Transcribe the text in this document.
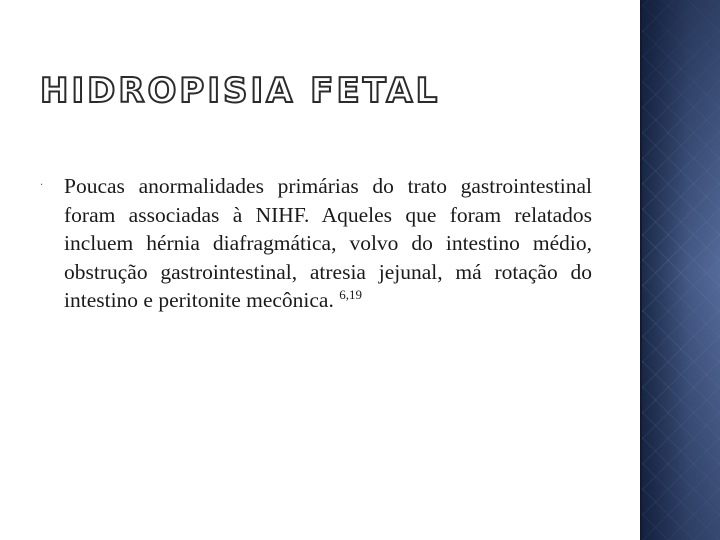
HIDROPISIA FETAL
‧ Poucas anormalidades primárias do trato gastrointestinal foram associadas à NIHF. Aqueles que foram relatados incluem hérnia diafragmática, volvo do intestino médio, obstrução gastrointestinal, atresia jejunal, má rotação do intestino e peritonite mecônica. $^{6,19}$
